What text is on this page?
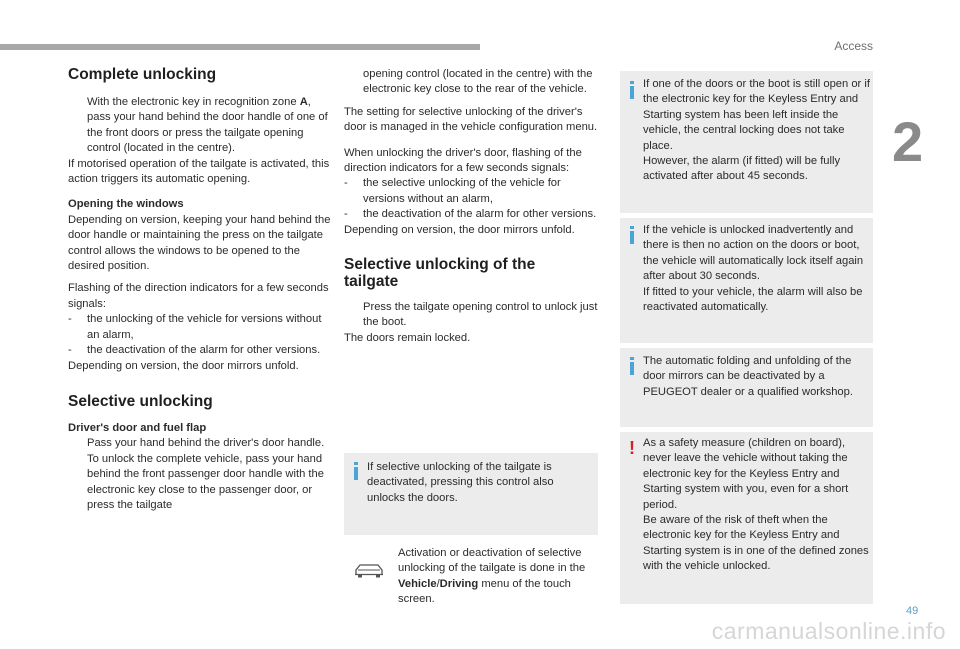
Access
2

Complete unlocking

With the electronic key in recognition zone A, pass your hand behind the door handle of one of the front doors or press the tailgate opening control (located in the centre).

If motorised operation of the tailgate is activated, this action triggers its automatic opening.

Opening the windows

Depending on version, keeping your hand behind the door handle or maintaining the press on the tailgate control allows the windows to be opened to the desired position.

Flashing of the direction indicators for a few seconds signals:

- the unlocking of the vehicle for versions without an alarm,

- the deactivation of the alarm for other versions.

Depending on version, the door mirrors unfold.

Selective unlocking

Driver's door and fuel flap

Pass your hand behind the driver's door handle.

To unlock the complete vehicle, pass your hand behind the front passenger door handle with the electronic key close to the passenger door, or press the tailgate

opening control (located in the centre) with the electronic key close to the rear of the vehicle.

The setting for selective unlocking of the driver's door is managed in the vehicle configuration menu.

When unlocking the driver's door, flashing of the direction indicators for a few seconds signals:

- the selective unlocking of the vehicle for versions without an alarm,

- the deactivation of the alarm for other versions.

Depending on version, the door mirrors unfold.

Selective unlocking of the tailgate

Press the tailgate opening control to unlock just the boot.

The doors remain locked.

If selective unlocking of the tailgate is deactivated, pressing this control also unlocks the doors.
Activation or deactivation of selective unlocking of the tailgate is done in the Vehicle/Driving menu of the touch screen.

If one of the doors or the boot is still open or if the electronic key for the Keyless Entry and Starting system has been left inside the vehicle, the central locking does not take place.

However, the alarm (if fitted) will be fully activated after about 45 seconds.

If the vehicle is unlocked inadvertently and there is then no action on the doors or boot, the vehicle will automatically lock itself again after about 30 seconds.

If fitted to your vehicle, the alarm will also be reactivated automatically.

The automatic folding and unfolding of the door mirrors can be deactivated by a PEUGEOT dealer or a qualified workshop.
! As a safety measure (children on board), never leave the vehicle without taking the electronic key for the Keyless Entry and Starting system with you, even for a short period.

Be aware of the risk of theft when the electronic key for the Keyless Entry and Starting system is in one of the defined zones with the vehicle unlocked.

49
carmanualsonline.info
